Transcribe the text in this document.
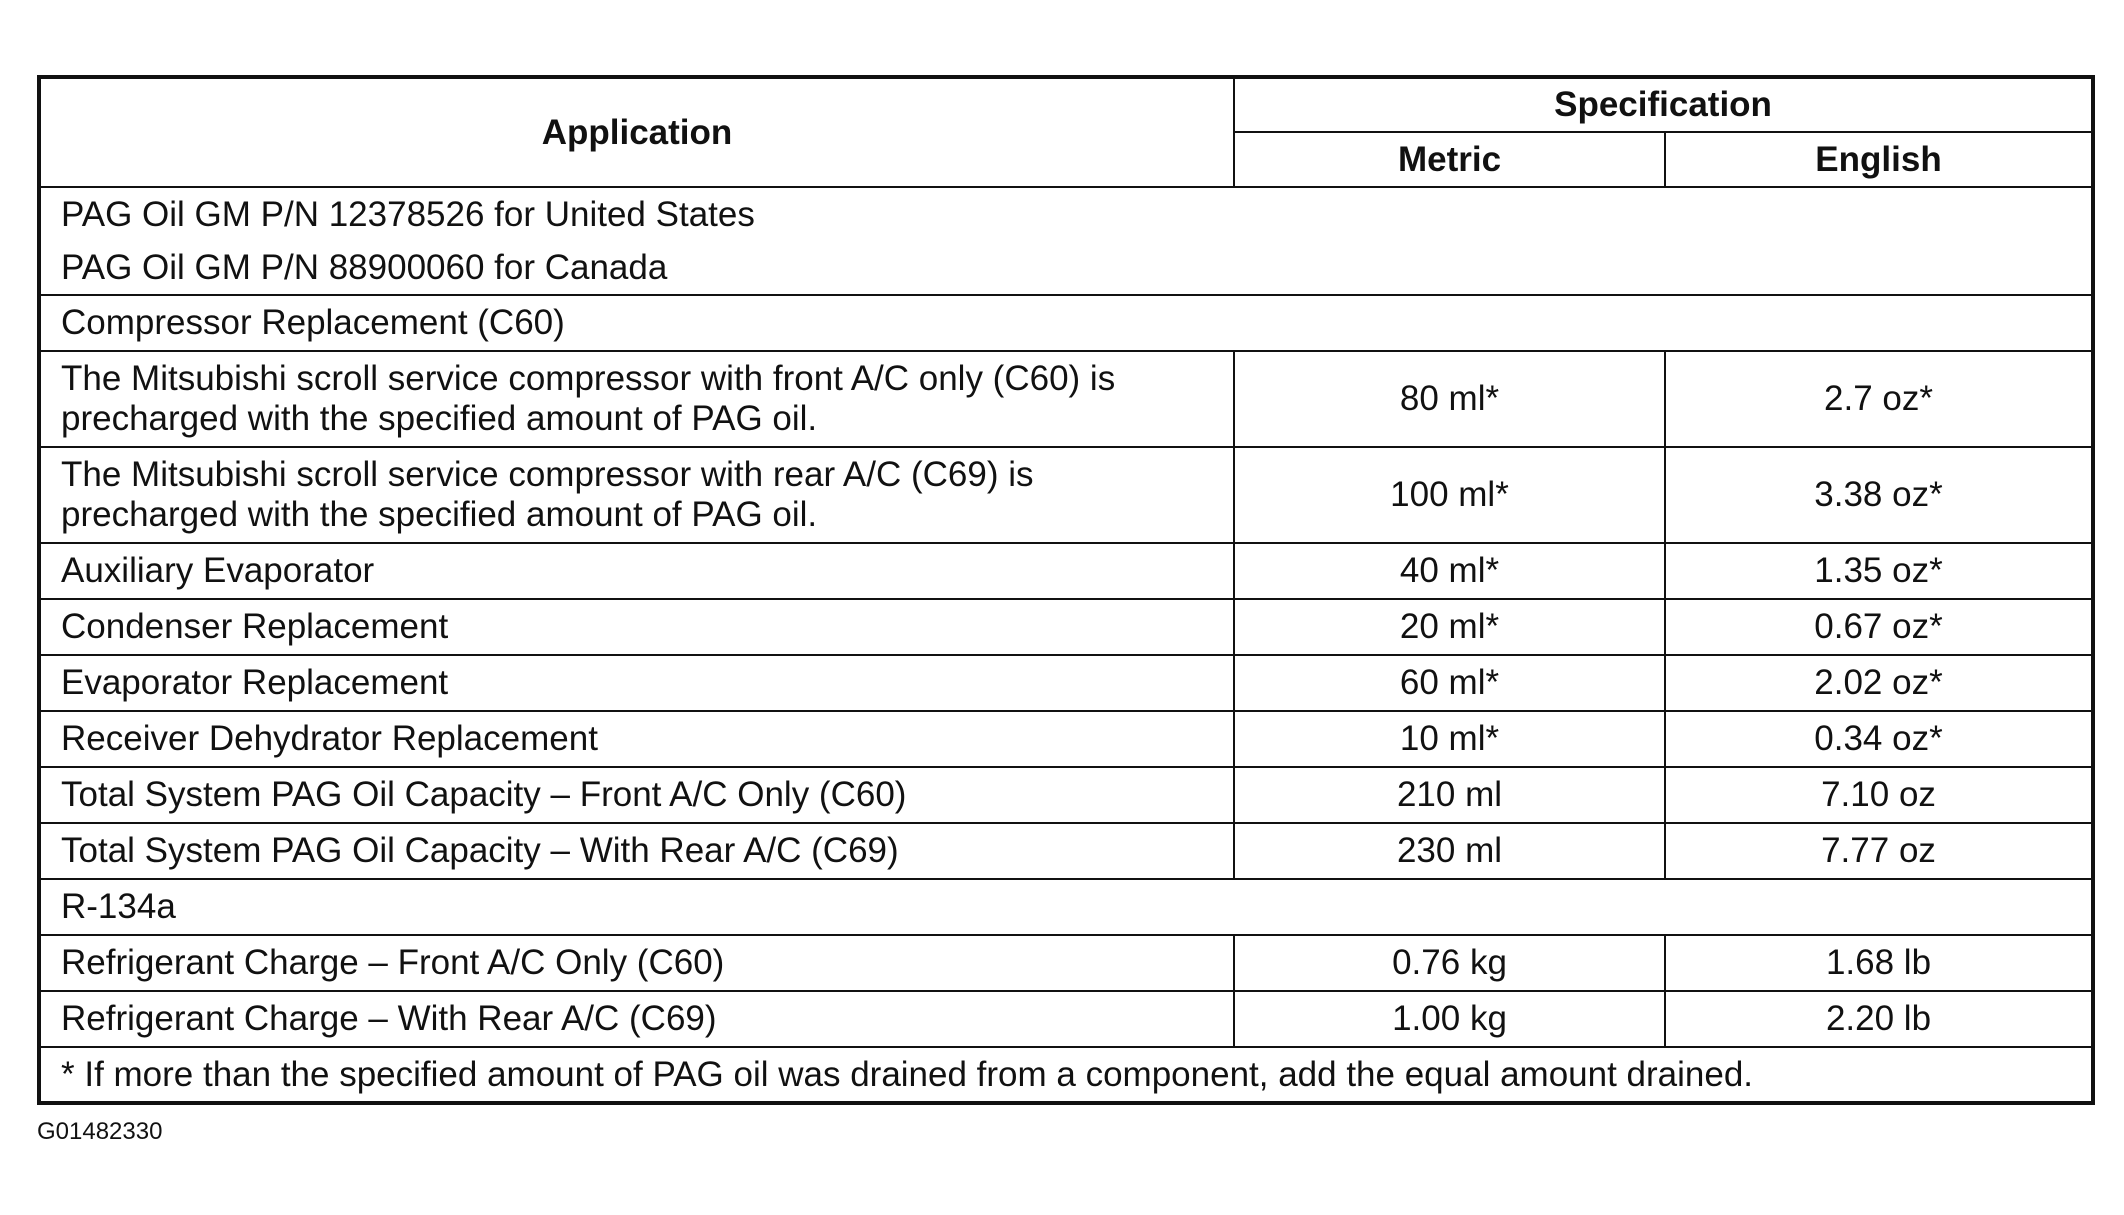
Application	Specification	
	Metric	English

PAG Oil GM P/N 12378526 for United States
PAG Oil GM P/N 88900060 for Canada		

Compressor Replacement (C60)		
The Mitsubishi scroll service compressor with front A/C only (C60) is precharged with the specified amount of PAG oil.	80 ml*	2.7 oz*
The Mitsubishi scroll service compressor with rear A/C (C69) is precharged with the specified amount of PAG oil.	100 ml*	3.38 oz*
Auxiliary Evaporator	40 ml*	1.35 oz*
Condenser Replacement	20 ml*	0.67 oz*
Evaporator Replacement	60 ml*	2.02 oz*
Receiver Dehydrator Replacement	10 ml*	0.34 oz*
Total System PAG Oil Capacity – Front A/C Only (C60)	210 ml	7.10 oz
Total System PAG Oil Capacity – With Rear A/C (C69)	230 ml	7.77 oz
R-134a		
Refrigerant Charge – Front A/C Only (C60)	0.76 kg	1.68 lb
Refrigerant Charge – With Rear A/C (C69)	1.00 kg	2.20 lb
* If more than the specified amount of PAG oil was drained from a component, add the equal amount drained.		
G01482330
